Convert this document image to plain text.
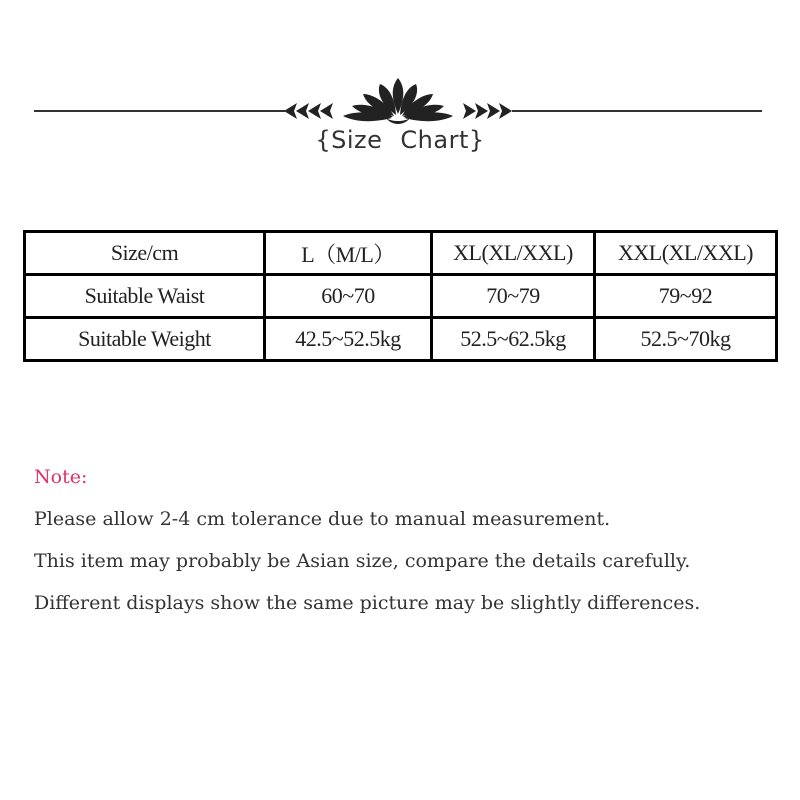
{Size Chart}
Size/cm	L（M/L）	XL(XL/XXL)	XXL(XL/XXL)
Suitable Waist	60~70	70~79	79~92
Suitable Weight	42.5~52.5kg	52.5~62.5kg	52.5~70kg
Note:
Please allow 2-4 cm tolerance due to manual measurement.
This item may probably be Asian size, compare the details carefully.
Different displays show the same picture may be slightly differences.
